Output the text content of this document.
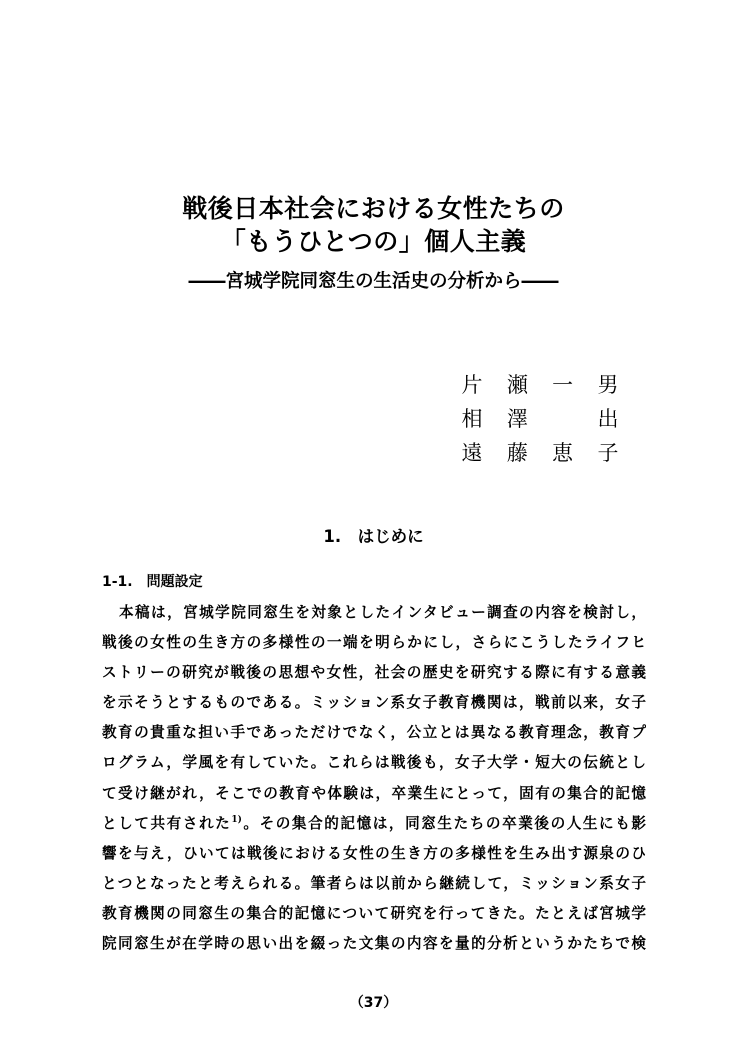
戦後日本社会における女性たちの
「もうひとつの」個人主義
――宮城学院同窓生の生活史の分析から――
片 瀬 一 男
相 澤	出
遠 藤 恵 子
1.　はじめに
1-1.　問題設定
本稿は，宮城学院同窓生を対象としたインタビュー調査の内容を検討し，
戦後の女性の生き方の多様性の一端を明らかにし，さらにこうしたライフヒ
ストリーの研究が戦後の思想や女性，社会の歴史を研究する際に有する意義
を示そうとするものである。ミッション系女子教育機関は，戦前以来，女子
教育の貴重な担い手であっただけでなく，公立とは異なる教育理念，教育プ
ログラム，学風を有していた。これらは戦後も，女子大学・短大の伝統とし
て受け継がれ，そこでの教育や体験は，卒業生にとって，固有の集合的記憶
として共有された$^{1)}$。その集合的記憶は，同窓生たちの卒業後の人生にも影
響を与え，ひいては戦後における女性の生き方の多様性を生み出す源泉のひ
とつとなったと考えられる。筆者らは以前から継続して，ミッション系女子
教育機関の同窓生の集合的記憶について研究を行ってきた。たとえば宮城学
院同窓生が在学時の思い出を綴った文集の内容を量的分析というかたちで検
（37）
